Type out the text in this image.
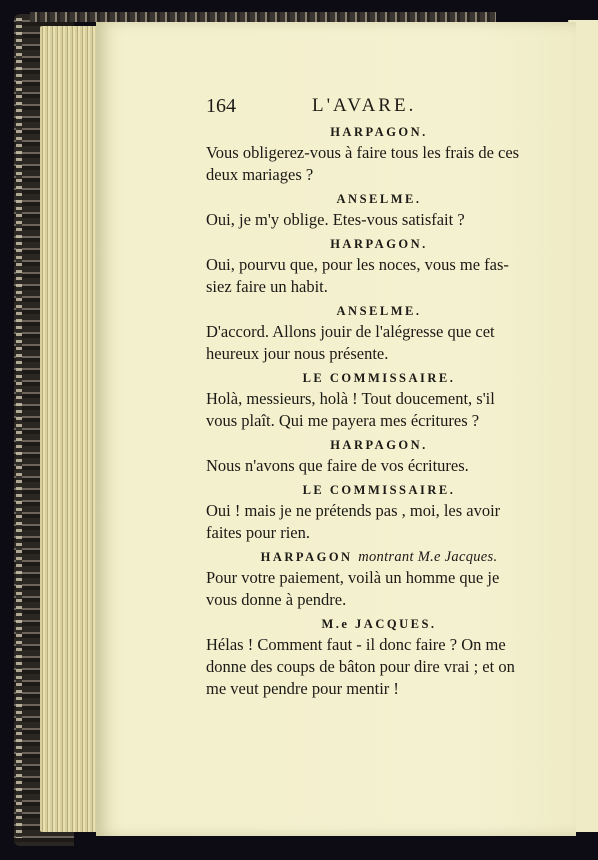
164	L'AVARE.

HARPAGON.

Vous obligerez-vous à faire tous les frais de ces
deux mariages ?

ANSELME.

Oui, je m'y oblige. Etes-vous satisfait ?

HARPAGON.

Oui, pourvu que, pour les noces, vous me fas-
siez faire un habit.

ANSELME.

D'accord. Allons jouir de l'alégresse que cet
heureux jour nous présente.

LE COMMISSAIRE.

Holà, messieurs, holà ! Tout doucement, s'il
vous plaît. Qui me payera mes écritures ?

HARPAGON.

Nous n'avons que faire de vos écritures.

LE COMMISSAIRE.

Oui ! mais je ne prétends pas , moi, les avoir
faites pour rien.

HARPAGON montrant M.e Jacques.

Pour votre paiement, voilà un homme que je
vous donne à pendre.

M.e JACQUES.

Hélas ! Comment faut - il donc faire ? On me
donne des coups de bâton pour dire vrai ; et on
me veut pendre pour mentir !
